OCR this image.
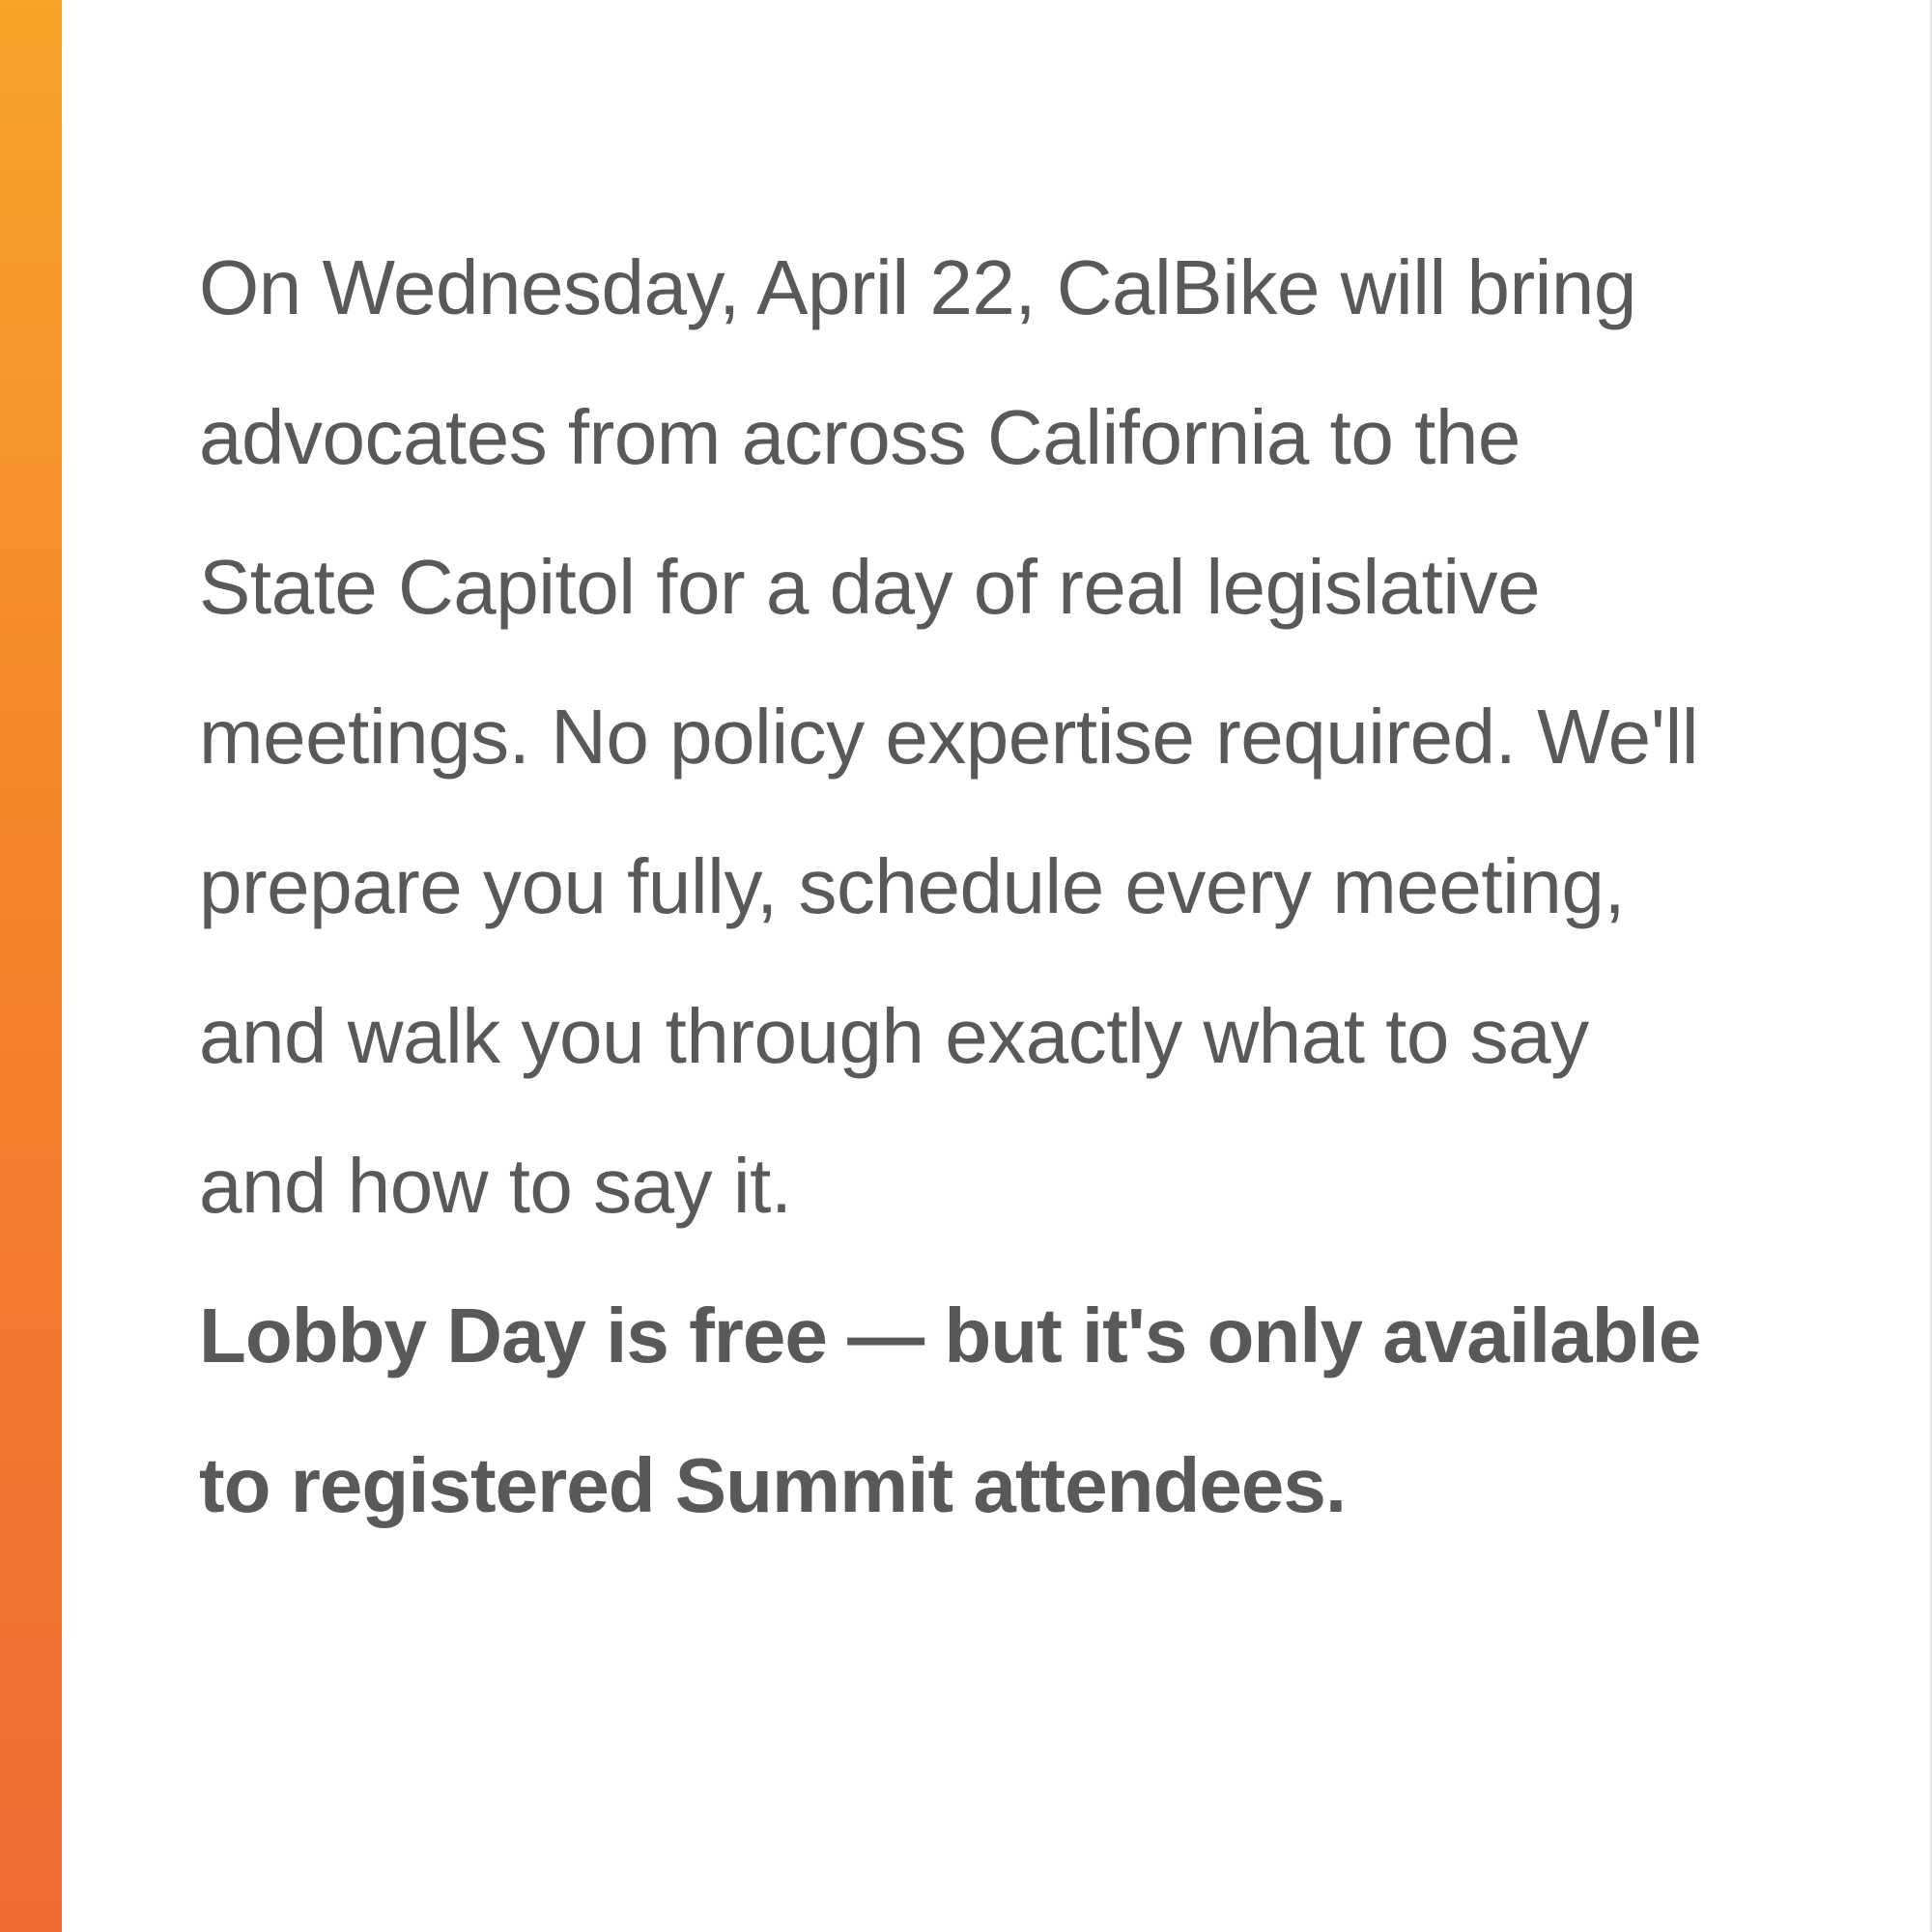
On Wednesday, April 22, CalBike will bring advocates from across California to the State Capitol for a day of real legislative meetings. No policy expertise required. We'll prepare you fully, schedule every meeting, and walk you through exactly what to say and how to say it.

Lobby Day is free — but it's only available to registered Summit attendees.
